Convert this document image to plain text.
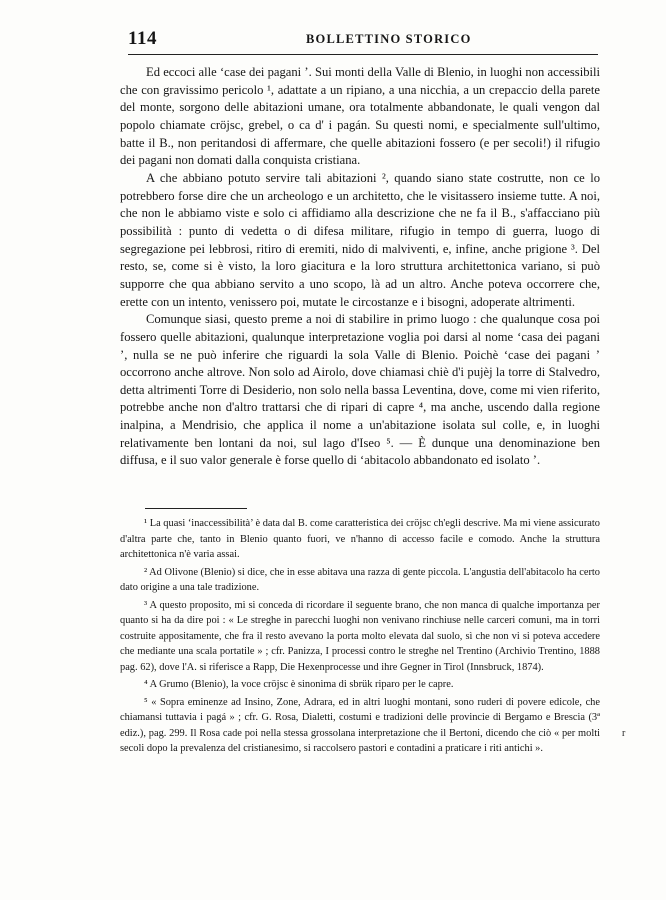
114	BOLLETTINO STORICO

Ed eccoci alle ‘case dei pagani ’. Sui monti della Valle di Blenio, in luoghi non accessibili che con gravissimo pericolo ¹, adattate a un ripiano, a una nicchia, a un crepaccio della parete del monte, sorgono delle abitazioni umane, ora totalmente abbandonate, le quali vengon dal popolo chiamate cröjsc, grebel, o ca d' i pagán. Su questi nomi, e specialmente sull'ultimo, batte il B., non peritandosi di affermare, che quelle abitazioni fossero (e per secoli!) il rifugio dei pagani non domati dalla conquista cristiana.

A che abbiano potuto servire tali abitazioni ², quando siano state costrutte, non ce lo potrebbero forse dire che un archeologo e un architetto, che le visitassero insieme tutte. A noi, che non le abbiamo viste e solo ci affidiamo alla descrizione che ne fa il B., s'affacciano più possibilità : punto di vedetta o di difesa militare, rifugio in tempo di guerra, luogo di segregazione pei lebbrosi, ritiro di eremiti, nido di malviventi, e, infine, anche prigione ³. Del resto, se, come si è visto, la loro giacitura e la loro struttura architettonica variano, si può supporre che qua abbiano servito a uno scopo, là ad un altro. Anche poteva occorrere che, erette con un intento, venissero poi, mutate le circostanze e i bisogni, adoperate altrimenti.

Comunque siasi, questo preme a noi di stabilire in primo luogo : che qualunque cosa poi fossero quelle abitazioni, qualunque interpretazione voglia poi darsi al nome ‘casa dei pagani ’, nulla se ne può inferire che riguardi la sola Valle di Blenio. Poichè ‘case dei pagani ’ occorrono anche altrove. Non solo ad Airolo, dove chiamasi chiè d'i pujèj la torre di Stalvedro, detta altrimenti Torre di Desiderio, non solo nella bassa Leventina, dove, come mi vien riferito, potrebbe anche non d'altro trattarsi che di ripari di capre ⁴, ma anche, uscendo dalla regione inalpina, a Mendrisio, che applica il nome a un'abitazione isolata sul colle, e, in luoghi relativamente ben lontani da noi, sul lago d'Iseo ⁵. — È dunque una denominazione ben diffusa, e il suo valor generale è forse quello di ‘abitacolo abbandonato ed isolato ’.

¹ La quasi ‘inaccessibilità’ è data dal B. come caratteristica dei cröjsc ch'egli descrive. Ma mi viene assicurato d'altra parte che, tanto in Blenio quanto fuori, ve n'hanno di accesso facile e comodo. Anche la struttura architettonica n'è varia assai.

² Ad Olivone (Blenio) si dice, che in esse abitava una razza di gente piccola. L'angustia dell'abitacolo ha certo dato origine a una tale tradizione.

³ A questo proposito, mi si conceda di ricordare il seguente brano, che non manca di qualche importanza per quanto si ha da dire poi : « Le streghe in parecchi luoghi non venivano rinchiuse nelle carceri comuni, ma in torri costruite appositamente, che fra il resto avevano la porta molto elevata dal suolo, sì che non vi si poteva accedere che mediante una scala portatile » ; cfr. Panizza, I processi contro le streghe nel Trentino (Archivio Trentino, 1888 pag. 62), dove l'A. si riferisce a Rapp, Die Hexenprocesse und ihre Gegner in Tirol (Innsbruck, 1874).

⁴ A Grumo (Blenio), la voce cröjsc è sinonima di sbrük riparo per le capre.

⁵ « Sopra eminenze ad Insino, Zone, Adrara, ed in altri luoghi montani, sono ruderi di povere edicole, che chiamansi tuttavia i pagá » ; cfr. G. Rosa, Dialetti, costumi e tradizioni delle provincie di Bergamo e Brescia (3ª ediz.), pag. 299. Il Rosa cade poi nella stessa grossolana interpretazione che il Bertoni, dicendo che ciò « per molti secoli dopo la prevalenza del cristianesimo, si raccolsero pastori e contadini a praticare i riti antichi ».

r
